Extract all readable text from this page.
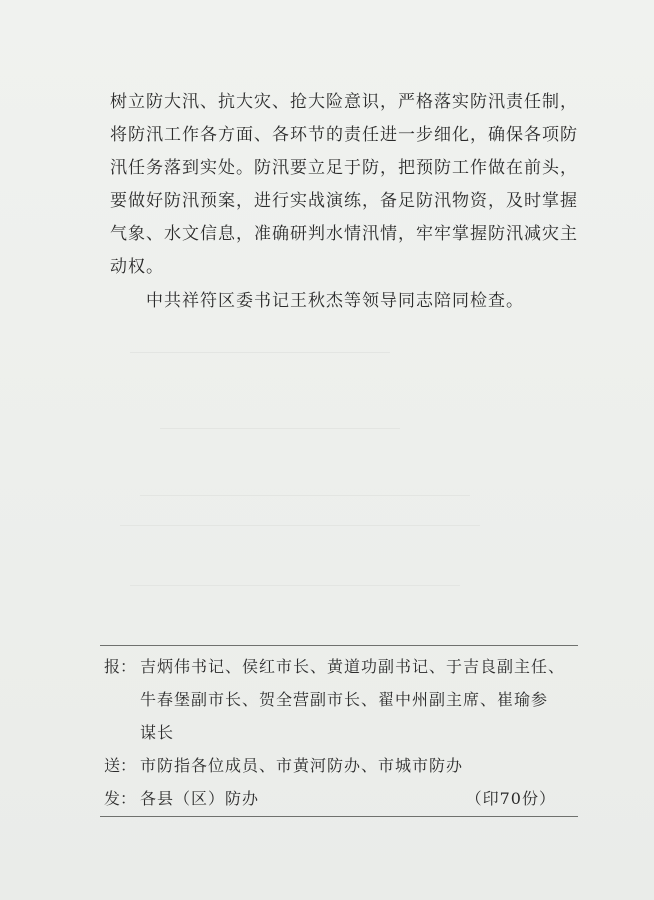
树立防大汛、抗大灾、抢大险意识，严格落实防汛责任制，
将防汛工作各方面、各环节的责任进一步细化，确保各项防
汛任务落到实处。防汛要立足于防，把预防工作做在前头，
要做好防汛预案，进行实战演练，备足防汛物资，及时掌握
气象、水文信息，准确研判水情汛情，牢牢掌握防汛减灾主
动权。
中共祥符区委书记王秋杰等领导同志陪同检查。
报： 吉炳伟书记、侯红市长、黄道功副书记、于吉良副主任、
牛春堡副市长、贺全营副市长、翟中州副主席、崔瑜参
谋长
送： 市防指各位成员、市黄河防办、市城市防办
发： 各县（区）防办	（印70份）
